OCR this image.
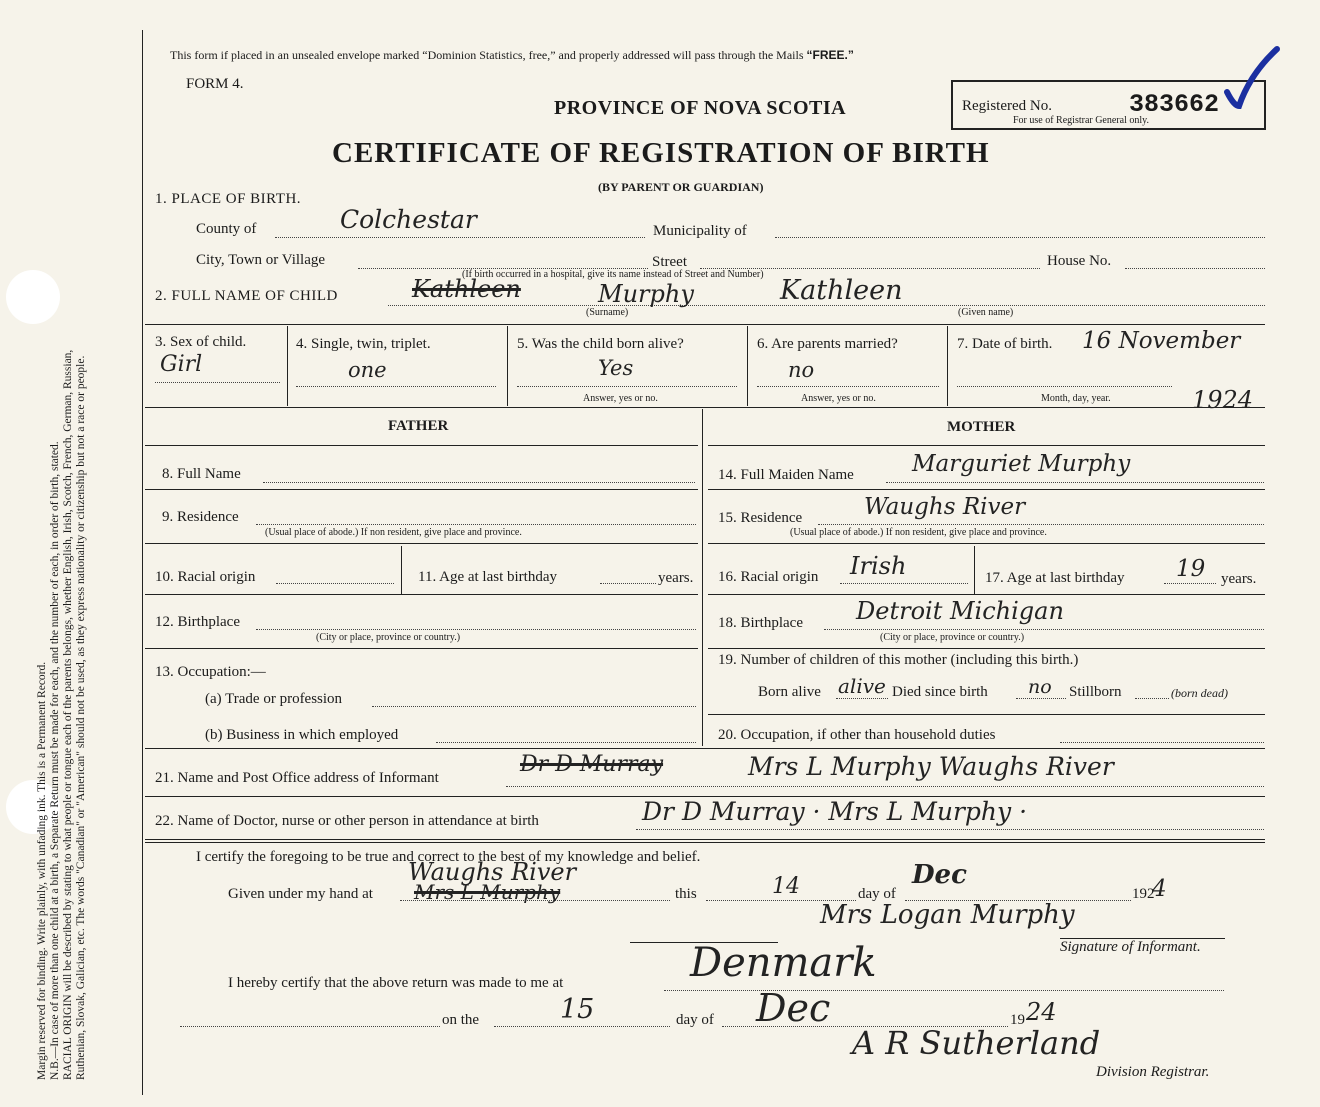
Margin reserved for binding. Write plainly, with unfading ink. This is a Permanent Record. N.B.—In case of more than one child at a birth, a Separate Return must be made for each, and the number of each, in order of birth, stated. RACIAL ORIGIN will be described by stating to what people or tongue each of the parents belongs, whether English, Irish, Scotch, French, German, Russian, Ruthenian, Slovak, Galician, etc. The words "Canadian" or "American" should not be used, as they express nationality or citizenship but not a race or people.
This form if placed in an unsealed envelope marked “Dominion Statistics, free,” and properly addressed will pass through the Mails “FREE.”
FORM 4.
PROVINCE OF NOVA SCOTIA	Registered No.	383662
For use of Registrar General only.
CERTIFICATE OF REGISTRATION OF BIRTH
(BY PARENT OR GUARDIAN)
1. PLACE OF BIRTH.
County of	Colchestar	Municipality of
City, Town or Village	Street	House No.
(If birth occurred in a hospital, give its name instead of Street and Number)
2. FULL NAME OF CHILD	Kathleen	Murphy	Kathleen
(Surname)	(Given name)
3. Sex of child.
Girl
4. Single, twin, triplet.
one
5. Was the child born alive?
Yes
Answer, yes or no.
6. Are parents married?
no
Answer, yes or no.
7. Date of birth. 16 November
Month, day, year.	1924
FATHER	MOTHER
8. Full Name
9. Residence
(Usual place of abode.) If non resident, give place and province.
10. Racial origin	11. Age at last birthday	years.
12. Birthplace
(City or place, province or country.)
13. Occupation:—
(a) Trade or profession
(b) Business in which employed
14. Full Maiden Name	Marguriet Murphy
15. Residence	Waughs River
(Usual place of abode.) If non resident, give place and province.
16. Racial origin Irish	17. Age at last birthday 19 years.
18. Birthplace Detroit Michigan
(City or place, province or country.)
19. Number of children of this mother (including this birth.)
Born alive alive Died since birth no Stillborn	(born dead)
20. Occupation, if other than household duties
21. Name and Post Office address of Informant
Dr D Murray	Mrs L Murphy Waughs River
22. Name of Doctor, nurse or other person in attendance at birth	Dr D Murray · Mrs L Murphy ·
I certify the foregoing to be true and correct to the best of my knowledge and belief.
Given under my hand at
Waughs River
Mrs L Murphy	this	14	day of
Dec
192
4
Mrs Logan Murphy
Signature of Informant.
I hereby certify that the above return was made to me at	Denmark
on the	15	day of Dec	19 24
A R Sutherland
Division Registrar.
